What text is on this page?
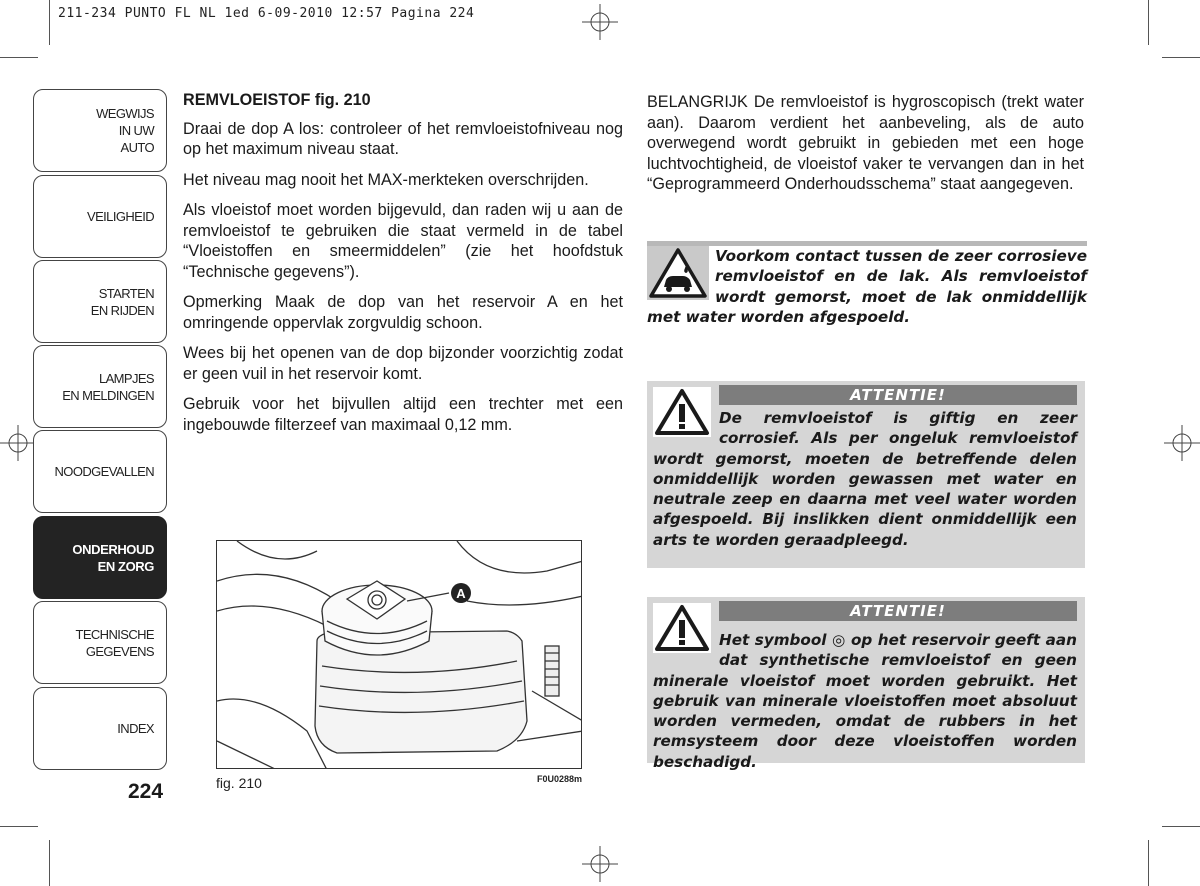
211-234 PUNTO FL NL 1ed 6-09-2010 12:57 Pagina 224
WEGWIJS
IN UW
AUTO
VEILIGHEID
STARTEN
EN RIJDEN
LAMPJES
EN MELDINGEN
NOODGEVALLEN
ONDERHOUD
EN ZORG
TECHNISCHE
GEGEVENS
INDEX
224
REMVLOEISTOF fig. 210

Draai de dop A los: controleer of het remvloeistofniveau nog op het maximum niveau staat.

Het niveau mag nooit het MAX-merkteken overschrijden.

Als vloeistof moet worden bijgevuld, dan raden wij u aan de remvloeistof te gebruiken die staat vermeld in de tabel “Vloeistoffen en smeermiddelen” (zie het hoofdstuk “Technische gegevens”).

Opmerking Maak de dop van het reservoir A en het omringende oppervlak zorgvuldig schoon.

Wees bij het openen van de dop bijzonder voorzichtig zodat er geen vuil in het reservoir komt.

Gebruik voor het bijvullen altijd een trechter met een ingebouwde filterzeef van maximaal 0,12 mm.

A
fig. 210	F0U0288m
BELANGRIJK De remvloeistof is hygroscopisch (trekt water aan). Daarom verdient het aanbeveling, als de auto overwegend wordt gebruikt in gebieden met een hoge luchtvochtigheid, de vloeistof vaker te vervangen dan in het “Geprogrammeerd Onderhoudsschema” staat aangegeven.
Voorkom contact tussen de zeer corrosieve remvloeistof en de lak. Als remvloeistof wordt gemorst, moet de lak onmiddellijk met water worden afgespoeld.
ATTENTIE!
De remvloeistof is giftig en zeer corrosief. Als per ongeluk remvloeistof wordt gemorst, moeten de betreffende delen onmiddellijk worden gewassen met water en neutrale zeep en daarna met veel water worden afgespoeld. Bij inslikken dient onmiddellijk een arts te worden geraadpleegd.
ATTENTIE!
Het symbool ◎ op het reservoir geeft aan dat synthetische remvloeistof en geen minerale vloeistof moet worden gebruikt. Het gebruik van minerale vloeistoffen moet absoluut worden vermeden, omdat de rubbers in het remsysteem door deze vloeistoffen worden beschadigd.
